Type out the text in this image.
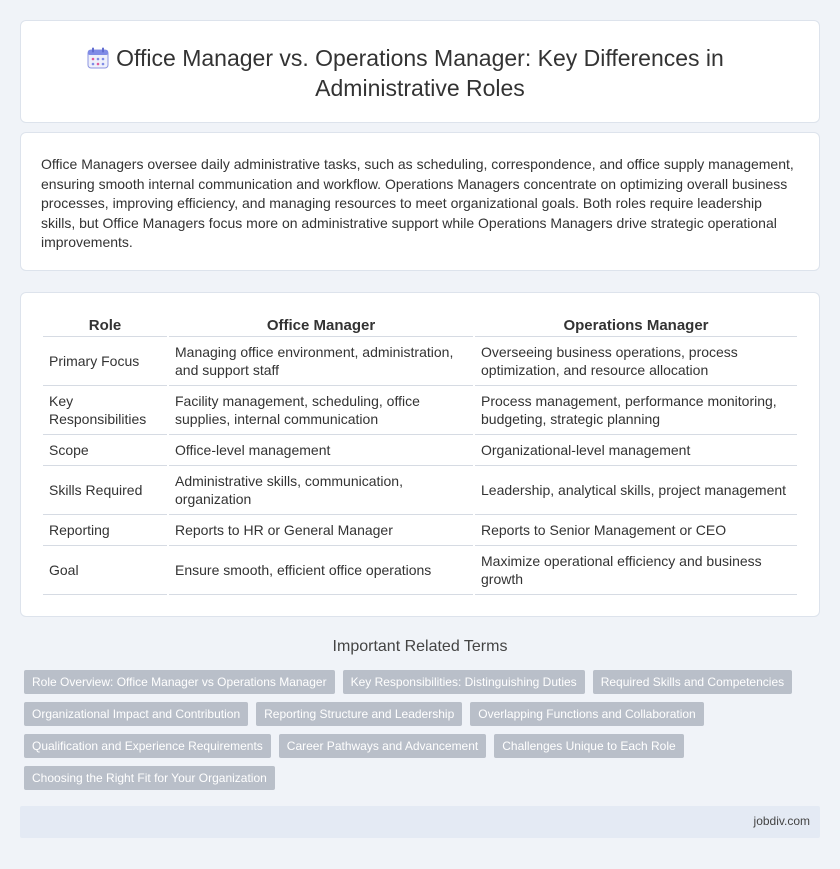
Office Manager vs. Operations Manager: Key Differences in Administrative Roles

Office Managers oversee daily administrative tasks, such as scheduling, correspondence, and office supply management, ensuring smooth internal communication and workflow. Operations Managers concentrate on optimizing overall business processes, improving efficiency, and managing resources to meet organizational goals. Both roles require leadership skills, but Office Managers focus more on administrative support while Operations Managers drive strategic operational improvements.

Role	Office Manager	Operations Manager
Primary Focus	Managing office environment, administration, and support staff	Overseeing business operations, process optimization, and resource allocation
Key Responsibilities	Facility management, scheduling, office supplies, internal communication	Process management, performance monitoring, budgeting, strategic planning
Scope	Office-level management	Organizational-level management
Skills Required	Administrative skills, communication, organization	Leadership, analytical skills, project management
Reporting	Reports to HR or General Manager	Reports to Senior Management or CEO
Goal	Ensure smooth, efficient office operations	Maximize operational efficiency and business growth
Important Related Terms
Role Overview: Office Manager vs Operations Manager	Key Responsibilities: Distinguishing Duties	Required Skills and Competencies
Organizational Impact and Contribution	Reporting Structure and Leadership	Overlapping Functions and Collaboration
Qualification and Experience Requirements	Career Pathways and Advancement	Challenges Unique to Each Role
Choosing the Right Fit for Your Organization
jobdiv.com
